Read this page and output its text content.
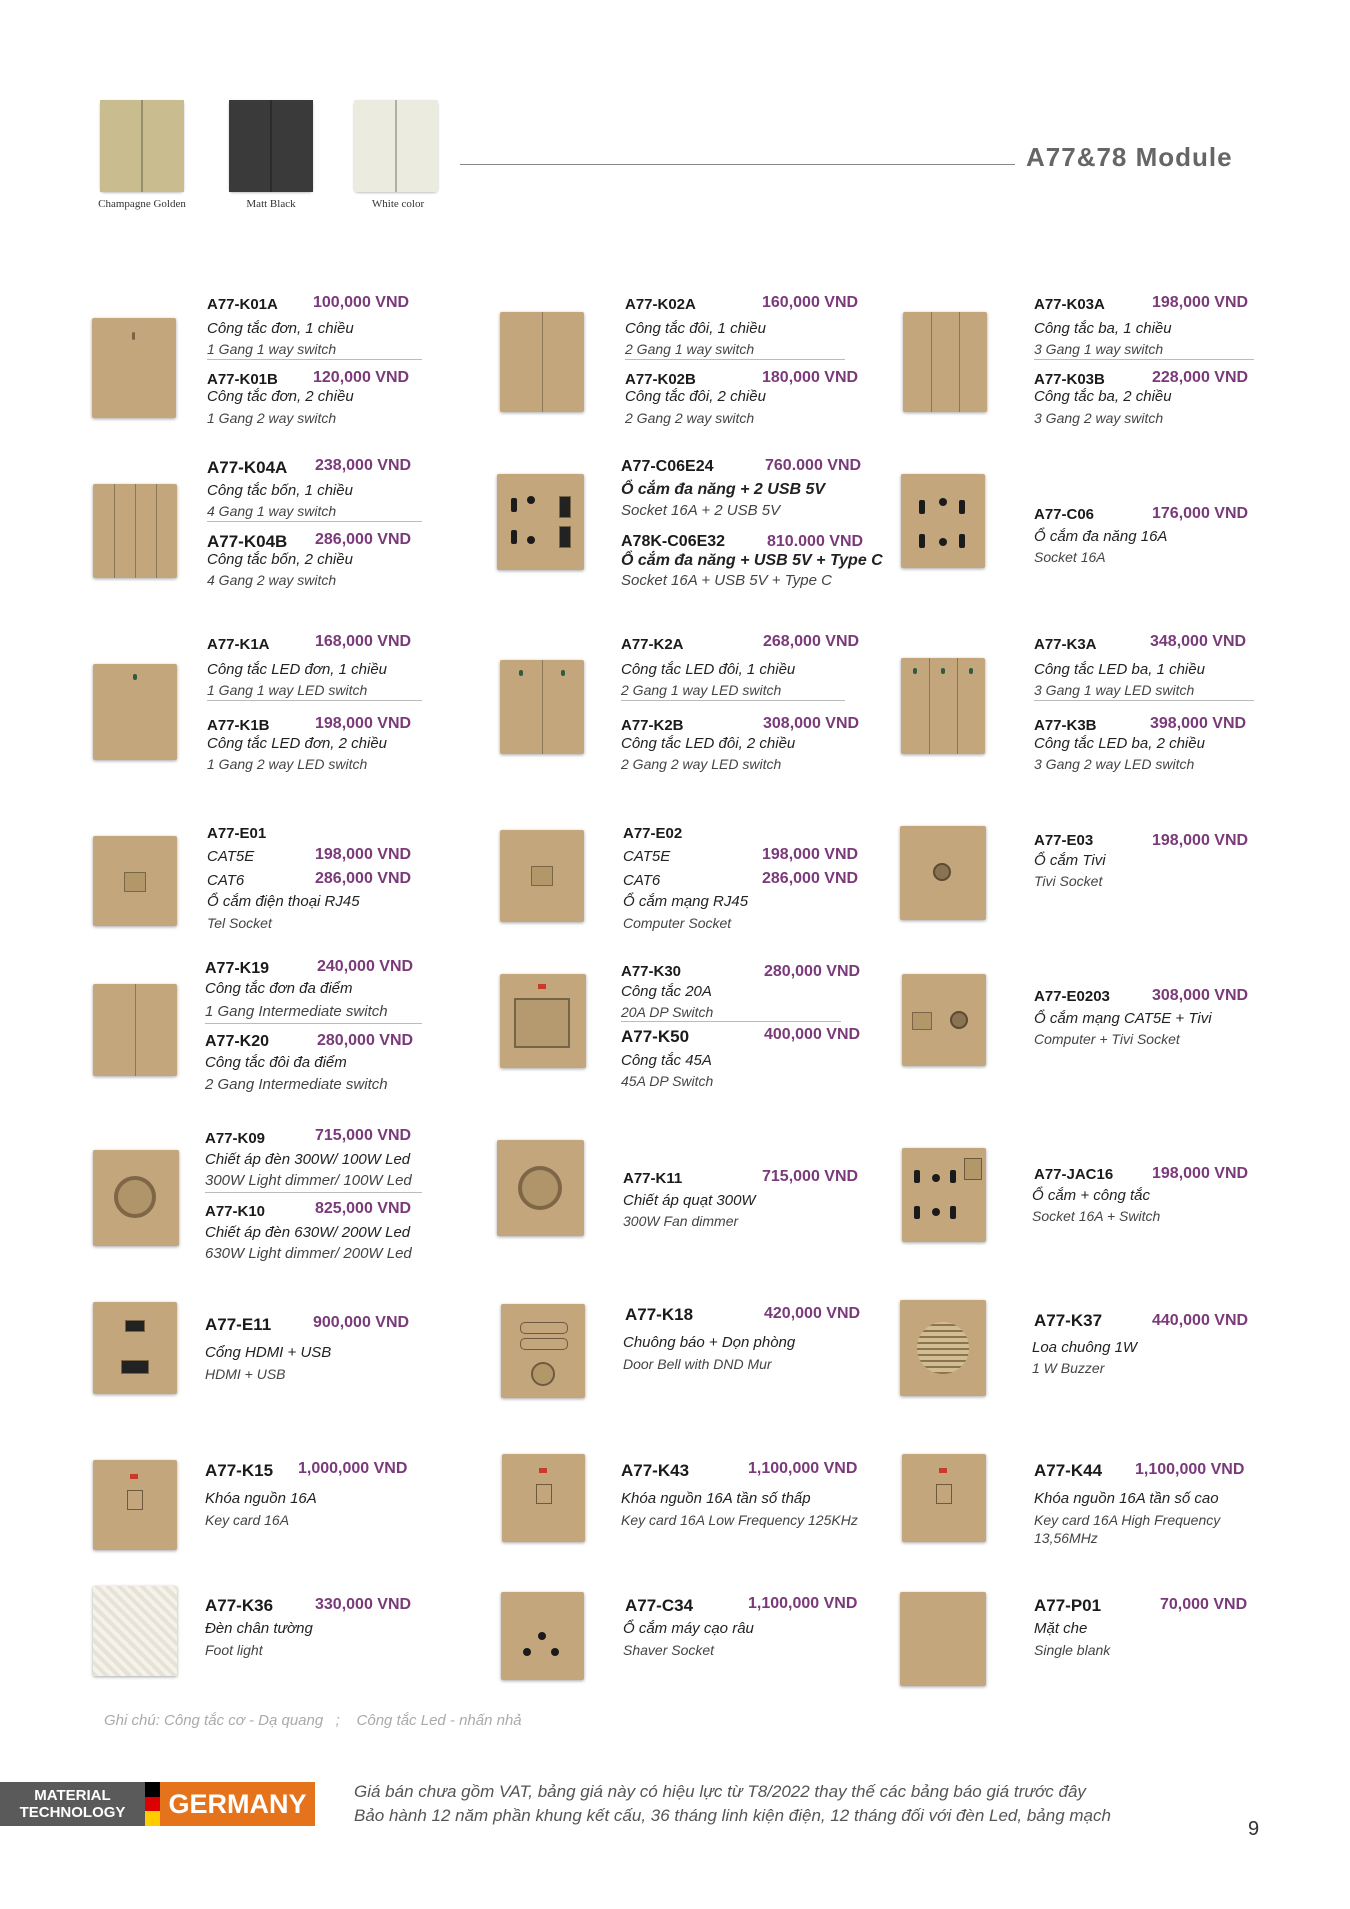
Champagne Golden	Matt Black	White color
A77&78 Module
A77-K01A 100,000 VND
Công tắc đơn, 1 chiều
1 Gang 1 way switch
A77-K01B 120,000 VND
Công tắc đơn, 2 chiều
1 Gang 2 way switch
A77-K02A	160,000 VND
Công tắc đôi, 1 chiều
2 Gang 1 way switch
A77-K02B	180,000 VND
Công tắc đôi, 2 chiều
2 Gang 2 way switch
A77-K03A	198,000 VND
Công tắc ba, 1 chiều
3 Gang 1 way switch
A77-K03B	228,000 VND
Công tắc ba, 2 chiều
3 Gang 2 way switch
A77-K04A 238,000 VND
Công tắc bốn, 1 chiều
4 Gang 1 way switch
A77-K04B 286,000 VND
Công tắc bốn, 2 chiều
4 Gang 2 way switch
A77-C06E24	760.000 VND
Ổ cắm đa năng + 2 USB 5V
Socket 16A + 2 USB 5V
A78K-C06E32	810.000 VND
Ổ cắm đa năng + USB 5V + Type C
Socket 16A + USB 5V + Type C
A77-C06	176,000 VND
Ổ cắm đa năng 16A
Socket 16A
A77-K1A	168,000 VND
Công tắc LED đơn, 1 chiều
1 Gang 1 way LED switch
A77-K1B	198,000 VND
Công tắc LED đơn, 2 chiều
1 Gang 2 way LED switch
A77-K2A	268,000 VND
Công tắc LED đôi, 1 chiều
2 Gang 1 way LED switch
A77-K2B	308,000 VND
Công tắc LED đôi, 2 chiều
2 Gang 2 way LED switch
A77-K3A	348,000 VND
Công tắc LED ba, 1 chiều
3 Gang 1 way LED switch
A77-K3B	398,000 VND
Công tắc LED ba, 2 chiều
3 Gang 2 way LED switch
A77-E01
CAT5E	198,000 VND
CAT6	286,000 VND
Ổ cắm điện thoại RJ45
Tel Socket
A77-E02
CAT5E	198,000 VND
CAT6	286,000 VND
Ổ cắm mạng RJ45
Computer Socket
A77-E03	198,000 VND
Ổ cắm Tivi
Tivi Socket
A77-K19	240,000 VND
Công tắc đơn đa điểm
1 Gang Intermediate switch
A77-K20	280,000 VND
Công tắc đôi đa điểm
2 Gang Intermediate switch
A77-K30	280,000 VND
Công tắc 20A
20A DP Switch
A77-K50	400,000 VND
Công tắc 45A
45A DP Switch
A77-E0203	308,000 VND
Ổ cắm mạng CAT5E + Tivi
Computer + Tivi Socket
A77-K09	715,000 VND
Chiết áp đèn 300W/ 100W Led
300W Light dimmer/ 100W Led
A77-K10	825,000 VND
Chiết áp đèn 630W/ 200W Led
630W Light dimmer/ 200W Led
A77-K11	715,000 VND
Chiết áp quạt 300W
300W Fan dimmer
A77-JAC16 198,000 VND
Ổ cắm + công tắc
Socket 16A + Switch
A77-E11	900,000 VND
Cổng HDMI + USB
HDMI + USB
A77-K18	420,000 VND
Chuông báo + Dọn phòng
Door Bell with DND Mur
A77-K37	440,000 VND
Loa chuông 1W
1 W Buzzer
A77-K15 1,000,000 VND
Khóa nguồn 16A
Key card 16A
A77-K43	1,100,000 VND
Khóa nguồn 16A tần số thấp
Key card 16A Low Frequency 125KHz
A77-K44 1,100,000 VND
Khóa nguồn 16A tần số cao
Key card 16A High Frequency
13,56MHz
A77-K36	330,000 VND
Đèn chân tường
Foot light
A77-C34	1,100,000 VND
Ổ cắm máy cạo râu
Shaver Socket
A77-P01	70,000 VND
Mặt che
Single blank
Ghi chú: Công tắc cơ - Dạ quang   ;    Công tắc Led - nhấn nhả
MATERIAL
TECHNOLOGY	GERMANY	Giá bán chưa gồm VAT, bảng giá này có hiệu lực từ T8/2022 thay thế các bảng báo giá trước đây
Bảo hành 12 năm phần khung kết cấu, 36 tháng linh kiện điện, 12 tháng đối với đèn Led, bảng mạch
9
